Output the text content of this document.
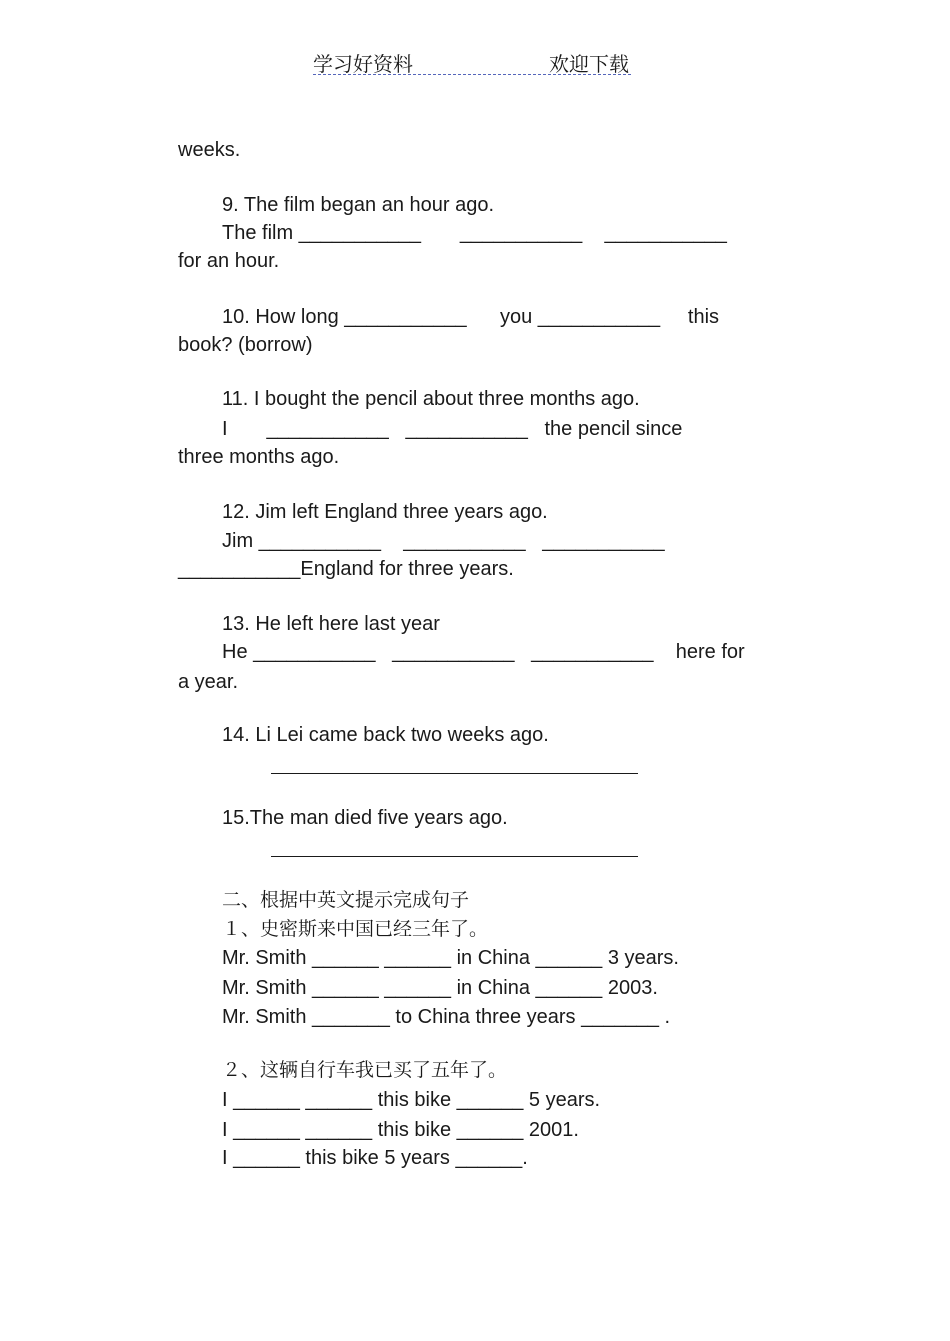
学习好资料	欢迎下载
weeks.
9. The film began an hour ago.
The film ___________       ___________    ___________
for an hour.
10. How long ___________      you ___________     this
book? (borrow)
11. I bought the pencil about three months ago.
I       ___________   ___________   the pencil since
three months ago.
12. Jim left England three years ago.
Jim ___________    ___________   ___________
___________England for three years.
13. He left here last year
He ___________   ___________   ___________    here for
a year.
14. Li Lei came back two weeks ago.
15.The man died five years ago.
二、根据中英文提示完成句子
１、史密斯来中国已经三年了。
Mr. Smith ______ ______ in China ______ 3 years.
Mr. Smith ______ ______ in China ______ 2003.
Mr. Smith _______ to China three years _______ .
２、这辆自行车我已买了五年了。
I ______ ______ this bike ______ 5 years.
I ______ ______ this bike ______ 2001.
I ______ this bike 5 years ______.
